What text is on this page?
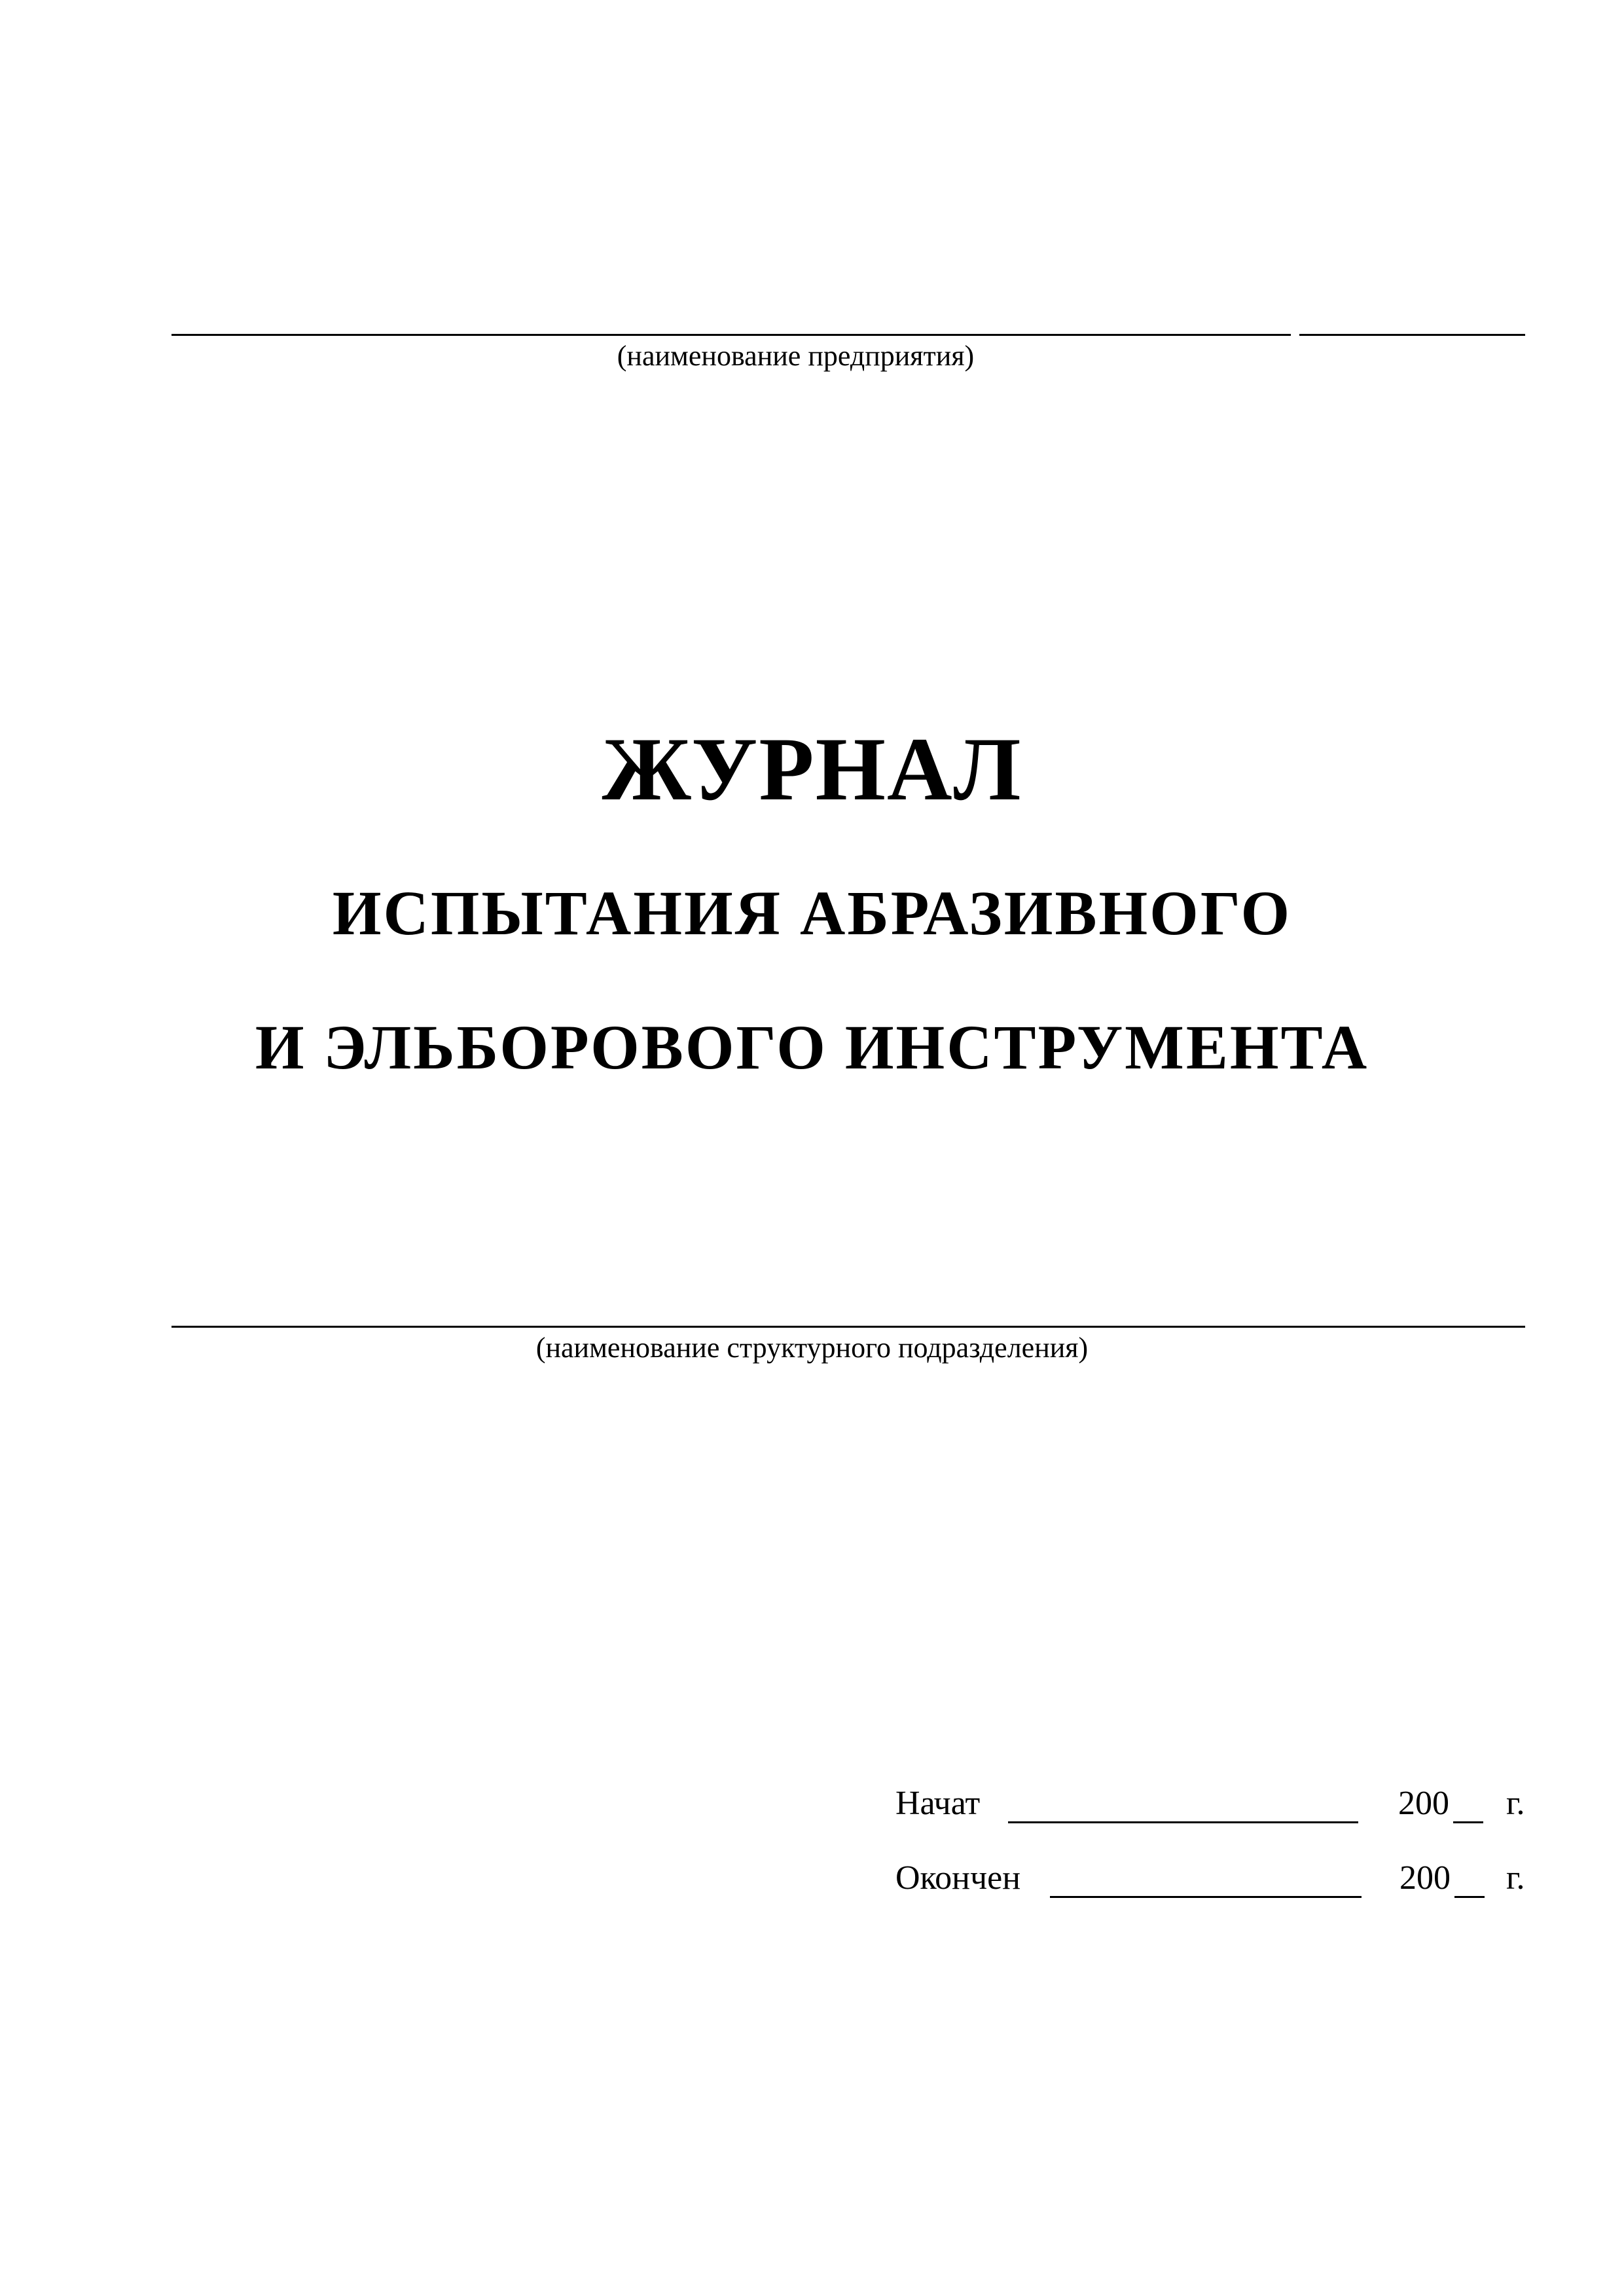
(наименование предприятия)
ЖУРНАЛ
ИСПЫТАНИЯ АБРАЗИВНОГО
И ЭЛЬБОРОВОГО ИНСТРУМЕНТА
(наименование структурного подразделения)
Начат	200 г.
Окончен	200 г.
